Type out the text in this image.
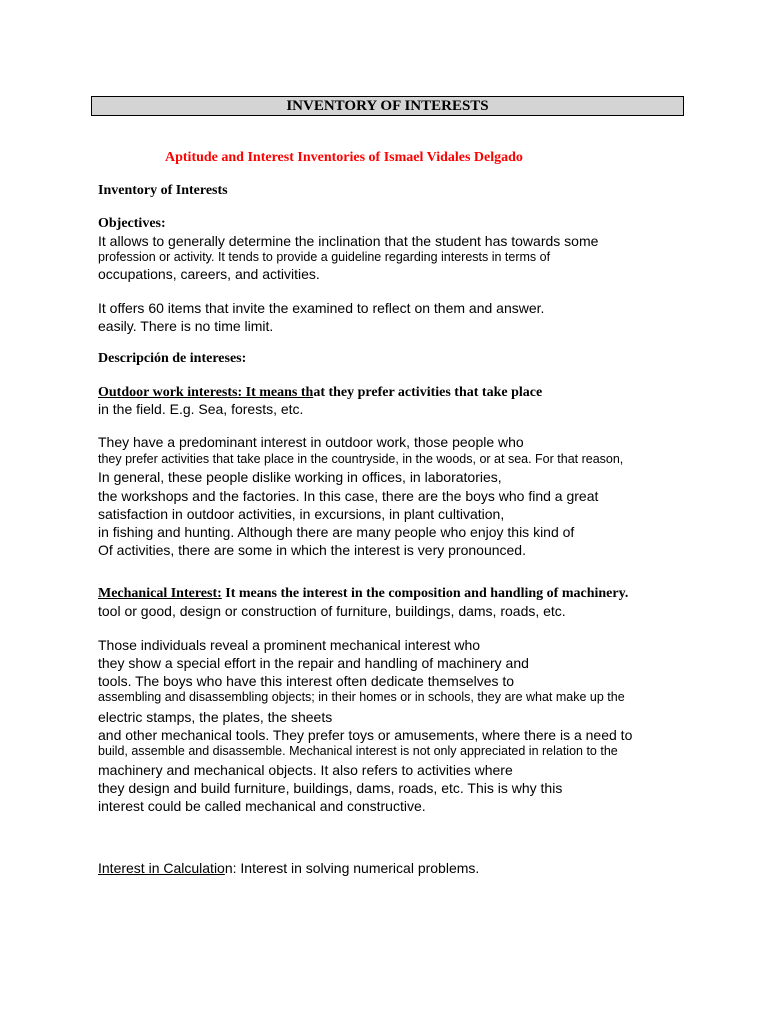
INVENTORY OF INTERESTS
Aptitude and Interest Inventories of Ismael Vidales Delgado
Inventory of Interests
Objectives:
It allows to generally determine the inclination that the student has towards some
profession or activity. It tends to provide a guideline regarding interests in terms of
occupations, careers, and activities.
It offers 60 items that invite the examined to reflect on them and answer.
easily. There is no time limit.
Descripción de intereses:
Outdoor work interests: It means that they prefer activities that take place
in the field. E.g. Sea, forests, etc.
They have a predominant interest in outdoor work, those people who
they prefer activities that take place in the countryside, in the woods, or at sea. For that reason,
In general, these people dislike working in offices, in laboratories,
the workshops and the factories. In this case, there are the boys who find a great
satisfaction in outdoor activities, in excursions, in plant cultivation,
in fishing and hunting. Although there are many people who enjoy this kind of
Of activities, there are some in which the interest is very pronounced.
Mechanical Interest: It means the interest in the composition and handling of machinery.
tool or good, design or construction of furniture, buildings, dams, roads, etc.
Those individuals reveal a prominent mechanical interest who
they show a special effort in the repair and handling of machinery and
tools. The boys who have this interest often dedicate themselves to
assembling and disassembling objects; in their homes or in schools, they are what make up the
electric stamps, the plates, the sheets
and other mechanical tools. They prefer toys or amusements, where there is a need to
build, assemble and disassemble. Mechanical interest is not only appreciated in relation to the
machinery and mechanical objects. It also refers to activities where
they design and build furniture, buildings, dams, roads, etc. This is why this
interest could be called mechanical and constructive.
Interest in Calculation: Interest in solving numerical problems.
